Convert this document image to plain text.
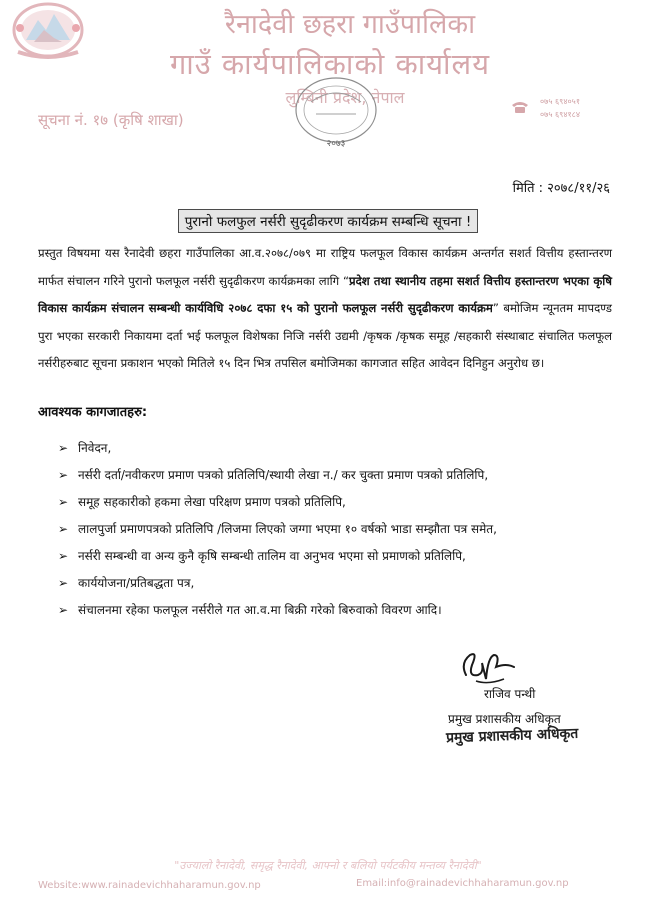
रैनादेवी छहरा गाउँपालिका
गाउँ कार्यपालिकाको कार्यालय
लुम्बिनी प्रदेश, नेपाल
२०७३
सूचना नं. १७ (कृषि शाखा)
०७५ ६९४०५१
०७५ ६९४१८४
मिति : २०७८/११/२६
पुरानो फलफुल नर्सरी सुदृढीकरण कार्यक्रम सम्बन्धि सूचना !
प्रस्तुत विषयमा यस रैनादेवी छहरा गाउँपालिका आ.व.२०७८/०७९ मा राष्ट्रिय फलफूल विकास कार्यक्रम अन्तर्गत सशर्त वित्तीय हस्तान्तरण मार्फत संचालन गरिने पुरानो फलफूल नर्सरी सुदृढीकरण कार्यक्रमका लागि “प्रदेश तथा स्थानीय तहमा सशर्त वित्तीय हस्तान्तरण भएका कृषि विकास कार्यक्रम संचालन सम्बन्धी कार्यविधि २०७८ दफा १५ को पुरानो फलफूल नर्सरी सुदृढीकरण कार्यक्रम” बमोजिम न्यूनतम मापदण्ड पुरा भएका सरकारी निकायमा दर्ता भई फलफूल विशेषका निजि नर्सरी उद्यमी /कृषक /कृषक समूह /सहकारी संस्थाबाट संचालित फलफूल नर्सरीहरुबाट सूचना प्रकाशन भएको मितिले १५ दिन भित्र तपसिल बमोजिमका कागजात सहित आवेदन दिनिहुन अनुरोध छ।
आवश्यक कागजातहरु:
➢ निवेदन,
➢ नर्सरी दर्ता/नवीकरण प्रमाण पत्रको प्रतिलिपि/स्थायी लेखा न./ कर चुक्ता प्रमाण पत्रको प्रतिलिपि,
➢ समूह सहकारीको हकमा लेखा परिक्षण प्रमाण पत्रको प्रतिलिपि,
➢ लालपुर्जा प्रमाणपत्रको प्रतिलिपि /लिजमा लिएको जग्गा भएमा १० वर्षको भाडा सम्झौता पत्र समेत,
➢ नर्सरी सम्बन्धी वा अन्य कुनै कृषि सम्बन्धी तालिम वा अनुभव भएमा सो प्रमाणको प्रतिलिपि,
➢ कार्ययोजना/प्रतिबद्धता पत्र,
➢ संचालनमा रहेका फलफूल नर्सरीले गत आ.व.मा बिक्री गरेको बिरुवाको विवरण आदि।
राजिव पन्थी
प्रमुख प्रशासकीय अधिकृत
प्रमुख प्रशासकीय अधिकृत
"उज्यालो रैनादेवी, समृद्ध रैनादेवी, आफ्नो र बलियो पर्यटकीय मन्तव्य रैनादेवी"
Website:www.rainadevichhaharamun.gov.np	Email:info@rainadevichhaharamun.gov.np
